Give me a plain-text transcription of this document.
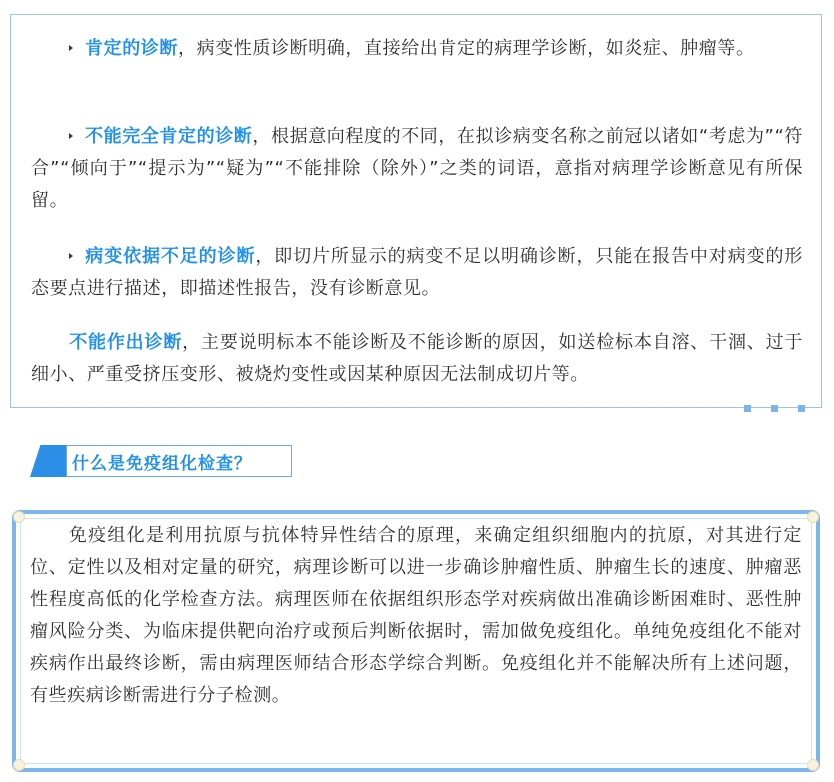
肯定的诊断，病变性质诊断明确，直接给出肯定的病理学诊断，如炎症、肿瘤等。

不能完全肯定的诊断，根据意向程度的不同，在拟诊病变名称之前冠以诸如“考虑为”“符合”“倾向于”“提示为”“疑为”“不能排除（除外）”之类的词语，意指对病理学诊断意见有所保留。

病变依据不足的诊断，即切片所显示的病变不足以明确诊断，只能在报告中对病变的形态要点进行描述，即描述性报告，没有诊断意见。

不能作出诊断，主要说明标本不能诊断及不能诊断的原因，如送检标本自溶、干涸、过于细小、严重受挤压变形、被烧灼变性或因某种原因无法制成切片等。

什么是免疫组化检查？

免疫组化是利用抗原与抗体特异性结合的原理，来确定组织细胞内的抗原，对其进行定位、定性以及相对定量的研究，病理诊断可以进一步确诊肿瘤性质、肿瘤生长的速度、肿瘤恶性程度高低的化学检查方法。病理医师在依据组织形态学对疾病做出准确诊断困难时、恶性肿瘤风险分类、为临床提供靶向治疗或预后判断依据时，需加做免疫组化。单纯免疫组化不能对疾病作出最终诊断，需由病理医师结合形态学综合判断。免疫组化并不能解决所有上述问题，有些疾病诊断需进行分子检测。
